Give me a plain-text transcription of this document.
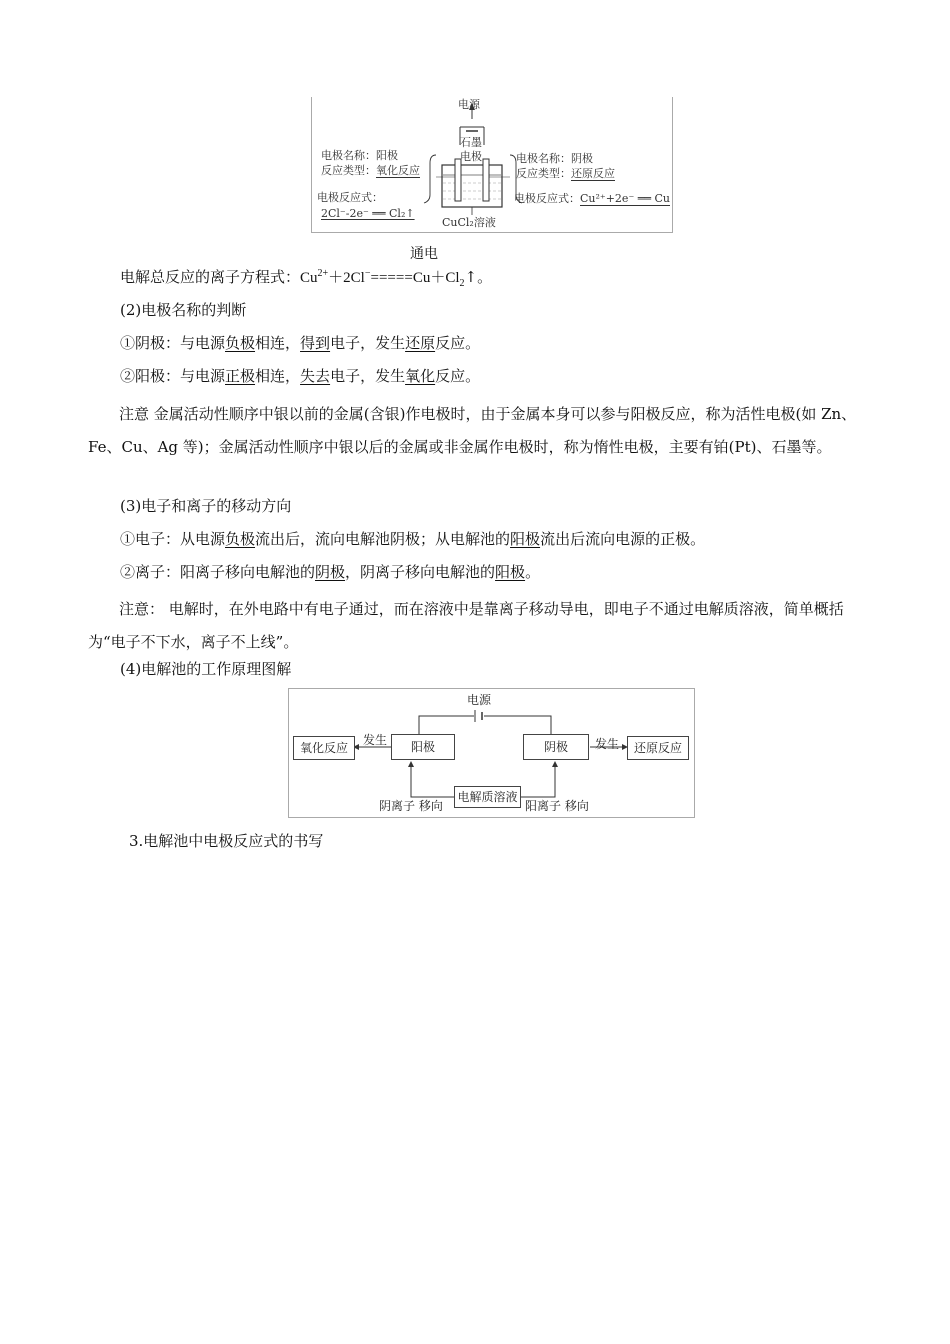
电源
石墨
电极
电极名称：阳极
反应类型：氧化反应
电极反应式：
2Cl⁻-2e⁻ ══ Cl₂↑
电极名称：阴极
反应类型：还原反应
电极反应式：Cu²⁺+2e⁻ ══ Cu
CuCl₂溶液
通电
电解总反应的离子方程式：$Cu^{2+}+2Cl^-=====Cu+Cl_2↑$。
(2)电极名称的判断
①阴极：与电源负极相连，得到电子，发生还原反应。
②阳极：与电源正极相连，失去电子，发生氧化反应。
注意 金属活动性顺序中银以前的金属(含银)作电极时，由于金属本身可以参与阳极反应，称为活性电极(如 Zn、Fe、Cu、Ag 等)；金属活动性顺序中银以后的金属或非金属作电极时，称为惰性电极，主要有铂(Pt)、石墨等。
(3)电子和离子的移动方向
①电子：从电源负极流出后，流向电解池阴极；从电解池的阳极流出后流向电源的正极。
②离子：阳离子移向电解池的阴极，阴离子移向电解池的阳极。
注意： 电解时，在外电路中有电子通过，而在溶液中是靠离子移动导电，即电子不通过电解质溶液，简单概括为“电子不下水，离子不上线”。
(4)电解池的工作原理图解
电源
氧化反应
发生	阳极	阴极	发生	还原反应
电解质溶液
阴离子 移向	阳离子 移向
3.电解池中电极反应式的书写
